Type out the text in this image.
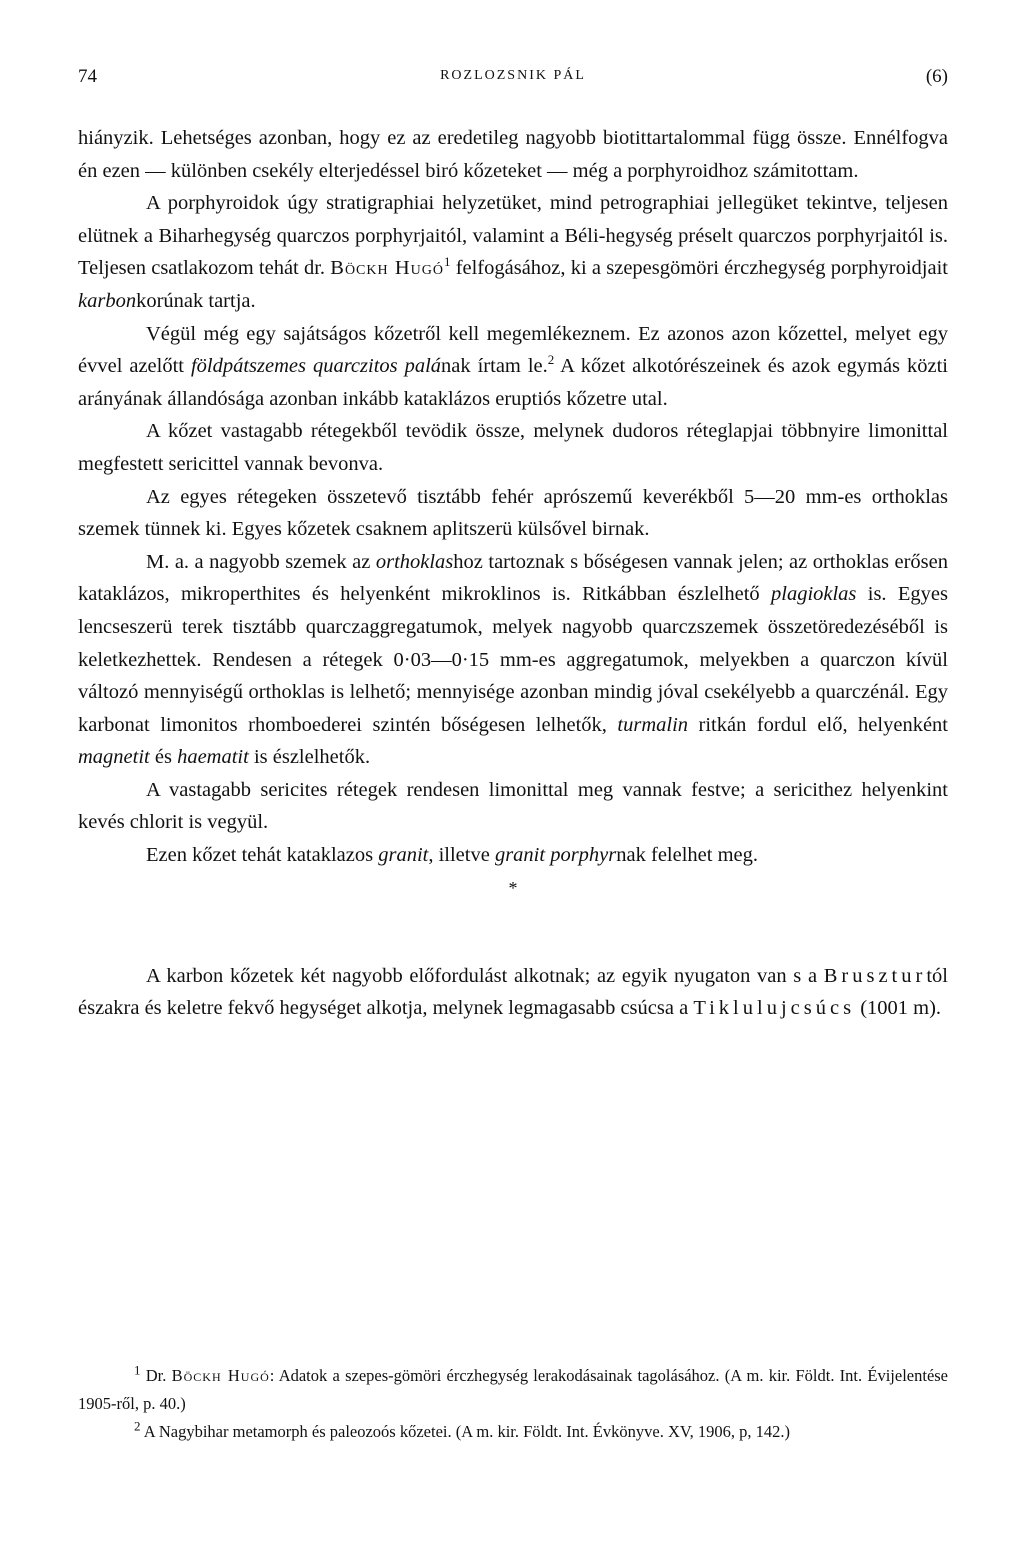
74	ROZLOZSNIK PÁL	(6)

hiányzik. Lehetséges azonban, hogy ez az eredetileg nagyobb biotittartalommal függ össze. Ennélfogva én ezen — különben csekély elterjedéssel biró kőzeteket — még a porphyroidhoz számitottam.

A porphyroidok úgy stratigraphiai helyzetüket, mind petrographiai jellegüket tekintve, teljesen elütnek a Biharhegység quarczos porphyrjaitól, valamint a Béli-hegység préselt quarczos porphyrjaitól is. Teljesen csatlakozom tehát dr. Böckh Hugó$^1$ felfogásához, ki a szepesgömöri érczhegység porphyroidjait karbonkorúnak tartja.

Végül még egy sajátságos kőzetről kell megemlékeznem. Ez azonos azon kőzettel, melyet egy évvel azelőtt földpátszemes quarczitos palának írtam le.$^2$ A kőzet alkotórészeinek és azok egymás közti arányának állandósága azonban inkább kataklázos eruptiós kőzetre utal.

A kőzet vastagabb rétegekből tevödik össze, melynek dudoros réteglapjai többnyire limonittal megfestett sericittel vannak bevonva.

Az egyes rétegeken összetevő tisztább fehér aprószemű keverékből 5—20 mm-es orthoklas szemek tünnek ki. Egyes kőzetek csaknem aplitszerü külsővel birnak.

M. a. a nagyobb szemek az orthoklashoz tartoznak s bőségesen vannak jelen; az orthoklas erősen kataklázos, mikroperthites és helyenként mikroklinos is. Ritkábban észlelhető plagioklas is. Egyes lencseszerü terek tisztább quarczaggregatumok, melyek nagyobb quarczszemek összetöredezéséből is keletkezhettek. Rendesen a rétegek 0·03—0·15 mm-es aggregatumok, melyekben a quarczon kívül változó mennyiségű orthoklas is lelhető; mennyisége azonban mindig jóval csekélyebb a quarczénál. Egy karbonat limonitos rhomboederei szintén bőségesen lelhetők, turmalin ritkán fordul elő, helyenként magnetit és haematit is észlelhetők.

A vastagabb sericites rétegek rendesen limonittal meg vannak festve; a sericithez helyenkint kevés chlorit is vegyül.

Ezen kőzet tehát kataklazos granit, illetve granit porphyrnak felelhet meg.

*

A karbon kőzetek két nagyobb előfordulást alkotnak; az egyik nyugaton van s a Bruszturtól északra és keletre fekvő hegységet alkotja, melynek legmagasabb csúcsa a Tiklulujcsúcs (1001 m).

$^1$ Dr. Böckh Hugó: Adatok a szepes-gömöri érczhegység lerakodásainak tagolásához. (A m. kir. Földt. Int. Évijelentése 1905-ről, p. 40.)

$^2$ A Nagybihar metamorph és paleozoós kőzetei. (A m. kir. Földt. Int. Évkönyve. XV, 1906, p, 142.)
